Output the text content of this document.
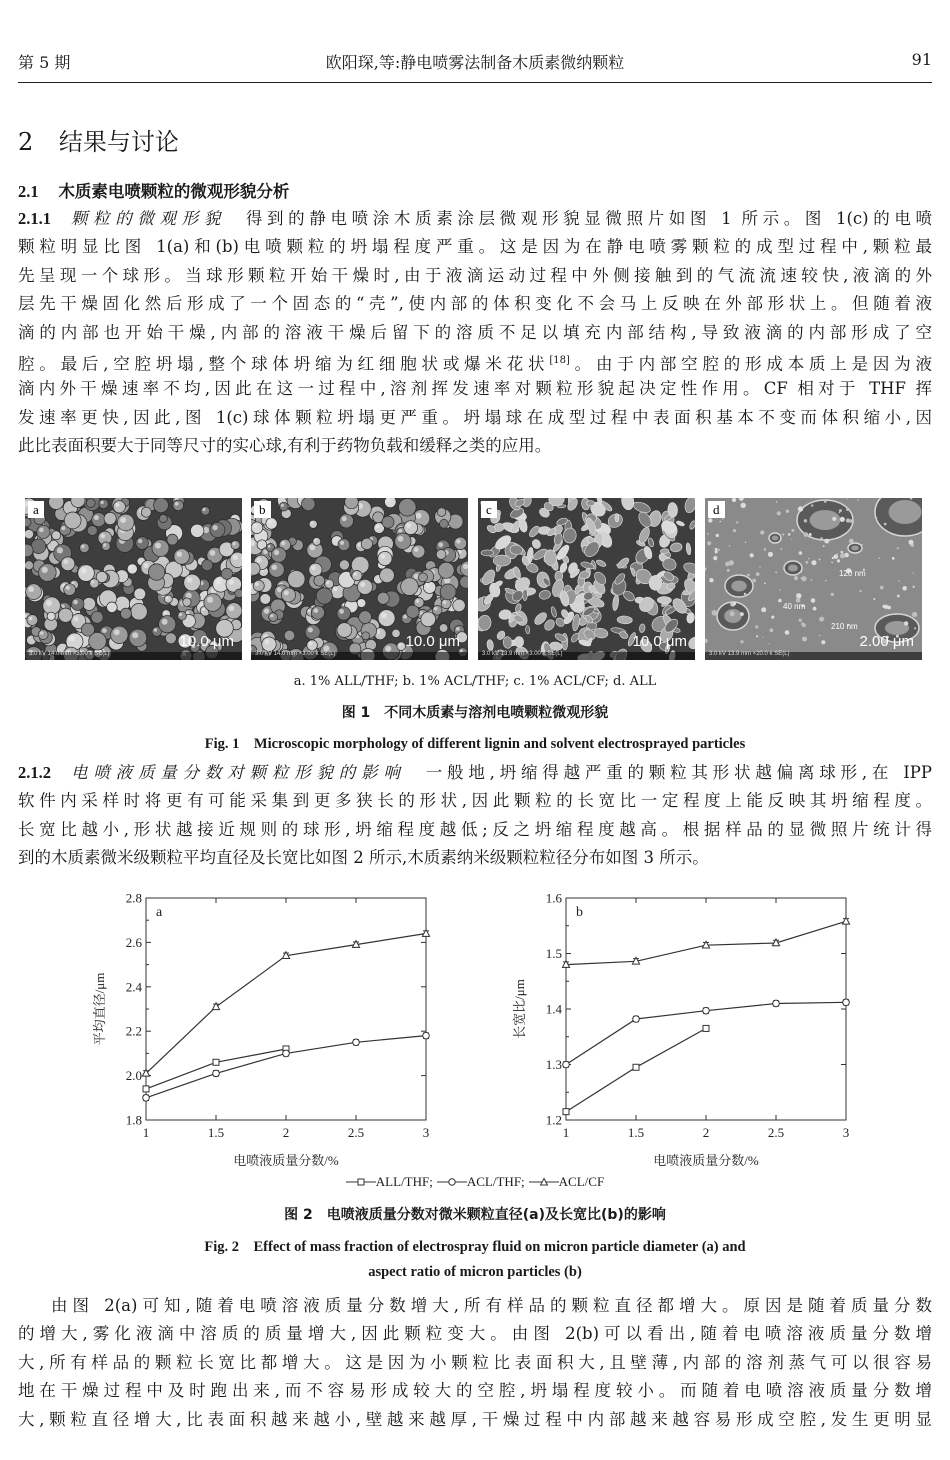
第 5 期	欧阳琛,等:静电喷雾法制备木质素微纳颗粒	91
2 结果与讨论
2.1 木质素电喷颗粒的微观形貌分析
2.1.1 颗粒的微观形貌 得到的静电喷涂木质素涂层微观形貌显微照片如图 1 所示。图 1(c)的电喷
颗粒明显比图 1(a)和(b)电喷颗粒的坍塌程度严重。这是因为在静电喷雾颗粒的成型过程中,颗粒最
先呈现一个球形。当球形颗粒开始干燥时,由于液滴运动过程中外侧接触到的气流流速较快,液滴的外
层先干燥固化然后形成了一个固态的“壳”,使内部的体积变化不会马上反映在外部形状上。但随着液
滴的内部也开始干燥,内部的溶液干燥后留下的溶质不足以填充内部结构,导致液滴的内部形成了空
腔。最后,空腔坍塌,整个球体坍缩为红细胞状或爆米花状[18]。由于内部空腔的形成本质上是因为液
滴内外干燥速率不均,因此在这一过程中,溶剂挥发速率对颗粒形貌起决定性作用。CF 相对于 THF 挥
发速率更快,因此,图 1(c)球体颗粒坍塌更严重。坍塌球在成型过程中表面积基本不变而体积缩小,因
此比表面积要大于同等尺寸的实心球,有利于药物负载和缓释之类的应用。
a
10.0 μm
3.0 kV 14.0 mm ×3.00 k SE(L)
b
10.0 μm
3.0 kV 14.0 mm ×3.00 k SE(L)
c
10.0 μm
3.0 kV 13.9 mm ×3.00 k SE(L)
d
120 nm
40 nm
210 nm
2.00 μm
3.0 kV 13.9 mm ×20.0 k SE(L)
a. 1% ALL/THF; b. 1% ACL/THF; c. 1% ACL/CF; d. ALL
图 1　不同木质素与溶剂电喷颗粒微观形貌
Fig. 1　Microscopic morphology of different lignin and solvent electrosprayed particles
2.1.2 电喷液质量分数对颗粒形貌的影响 一般地,坍缩得越严重的颗粒其形状越偏离球形,在 IPP
软件内采样时将更有可能采集到更多狭长的形状,因此颗粒的长宽比一定程度上能反映其坍缩程度。
长宽比越小,形状越接近规则的球形,坍缩程度越低;反之坍缩程度越高。根据样品的显微照片统计得
到的木质素微米级颗粒平均直径及长宽比如图 2 所示,木质素纳米级颗粒粒径分布如图 3 所示。
1	1.5	2	2.5	3
1.8
2.0
2.2
2.4
2.6
2.8
a
电喷液质量分数/%
平均直径/μm
1	1.5	2	2.5	3
1.2
1.3
1.4
1.5
1.6
b
电喷液质量分数/%
长宽比/μm
ALL/THF ;	ACL/THF ;	ACL/CF
图 2　电喷液质量分数对微米颗粒直径(a)及长宽比(b)的影响
Fig. 2　Effect of mass fraction of electrospray fluid on micron particle diameter (a) and
aspect ratio of micron particles (b)
由图 2(a)可知,随着电喷溶液质量分数增大,所有样品的颗粒直径都增大。原因是随着质量分数
的增大,雾化液滴中溶质的质量增大,因此颗粒变大。由图 2(b)可以看出,随着电喷溶液质量分数增
大,所有样品的颗粒长宽比都增大。这是因为小颗粒比表面积大,且壁薄,内部的溶剂蒸气可以很容易
地在干燥过程中及时跑出来,而不容易形成较大的空腔,坍塌程度较小。而随着电喷溶液质量分数增
大,颗粒直径增大,比表面积越来越小,壁越来越厚,干燥过程中内部越来越容易形成空腔,发生更明显
